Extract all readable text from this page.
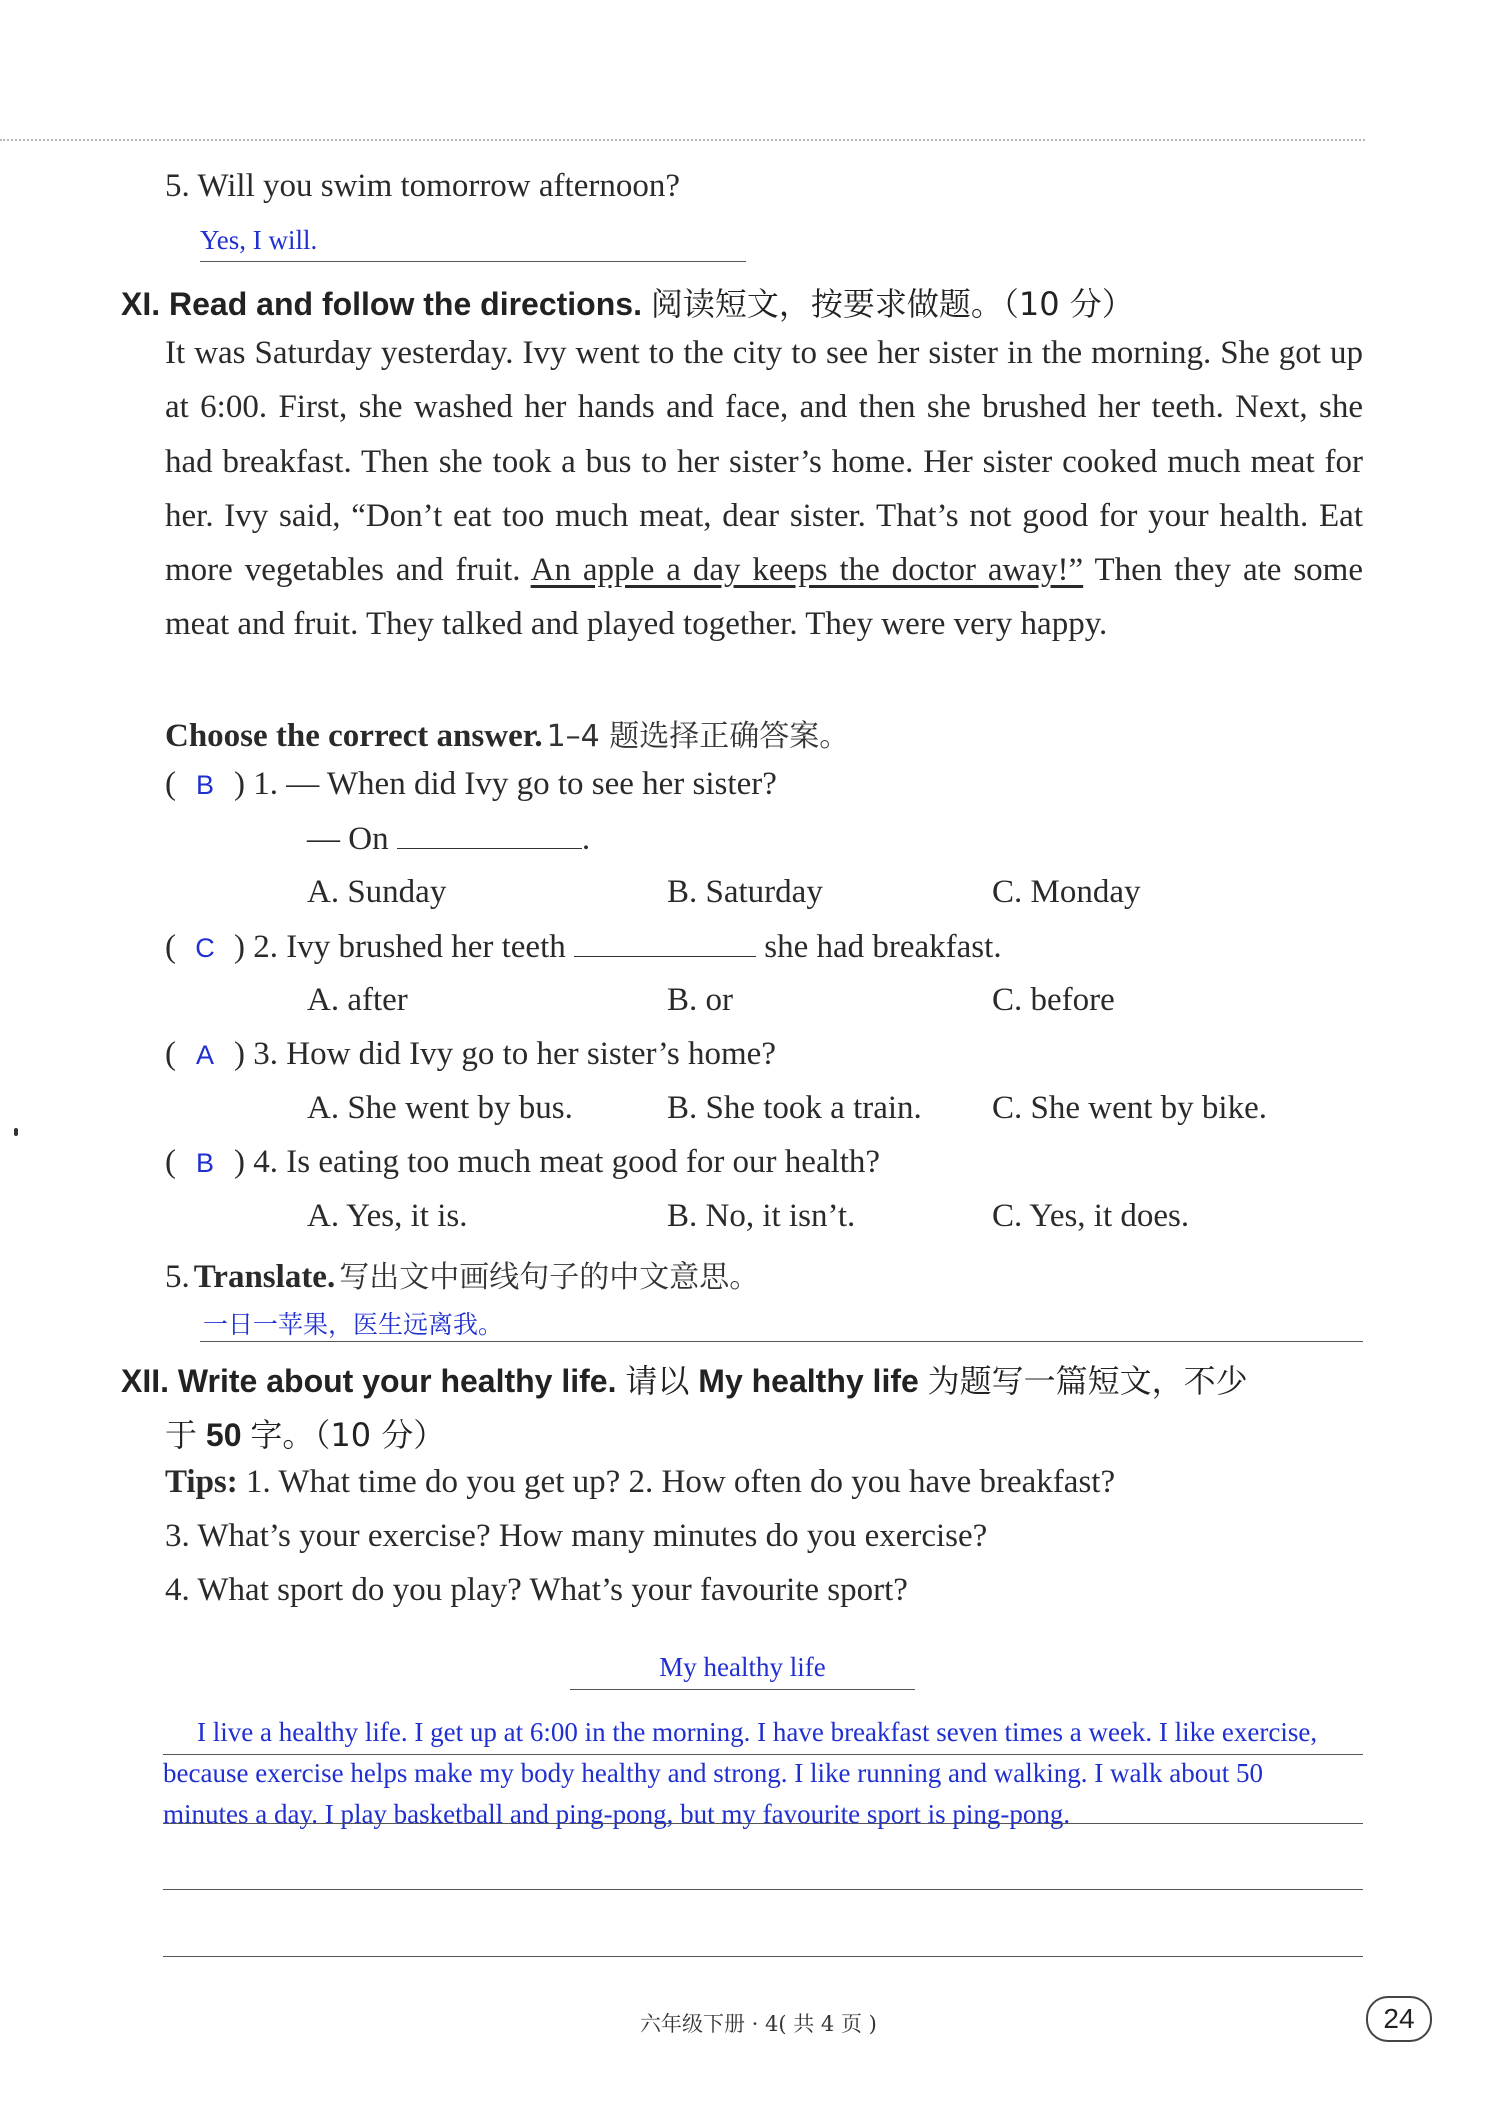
5. Will you swim tomorrow afternoon?
Yes, I will.
XI. Read and follow the directions. 阅读短文，按要求做题。（10 分）
It was Saturday yesterday. Ivy went to the city to see her sister in the morning. She got up at 6:00. First, she washed her hands and face, and then she brushed her teeth. Next, she had breakfast. Then she took a bus to her sister’s home. Her sister cooked much meat for her. Ivy said, “Don’t eat too much meat, dear sister. That’s not good for your health. Eat more vegetables and fruit. An apple a day keeps the doctor away!” Then they ate some meat and fruit. They talked and played together. They were very happy.
Choose the correct answer. 1–4 题选择正确答案。
( B ) 1. — When did Ivy go to see her sister?
— On	.
A. Sunday	B. Saturday	C. Monday
( C ) 2. Ivy brushed her teeth	she had breakfast.
A. after	B. or	C. before
( A ) 3. How did Ivy go to her sister’s home?
A. She went by bus.	B. She took a train. C. She went by bike.
( B ) 4. Is eating too much meat good for our health?
A. Yes, it is.	B. No, it isn’t.	C. Yes, it does.
5. Translate. 写出文中画线句子的中文意思。
一日一苹果，医生远离我。
XII. Write about your healthy life. 请以 My healthy life 为题写一篇短文，不少
于 50 字。（10 分）
Tips: 1. What time do you get up? 2. How often do you have breakfast?
3. What’s your exercise? How many minutes do you exercise?
4. What sport do you play? What’s your favourite sport?
My healthy life
I live a healthy life. I get up at 6:00 in the morning. I have breakfast seven times a week. I like exercise,
because exercise helps make my body healthy and strong. I like running and walking. I walk about 50
minutes a day. I play basketball and ping-pong, but my favourite sport is ping-pong.
六年级下册 · 4( 共 4 页 )	24
